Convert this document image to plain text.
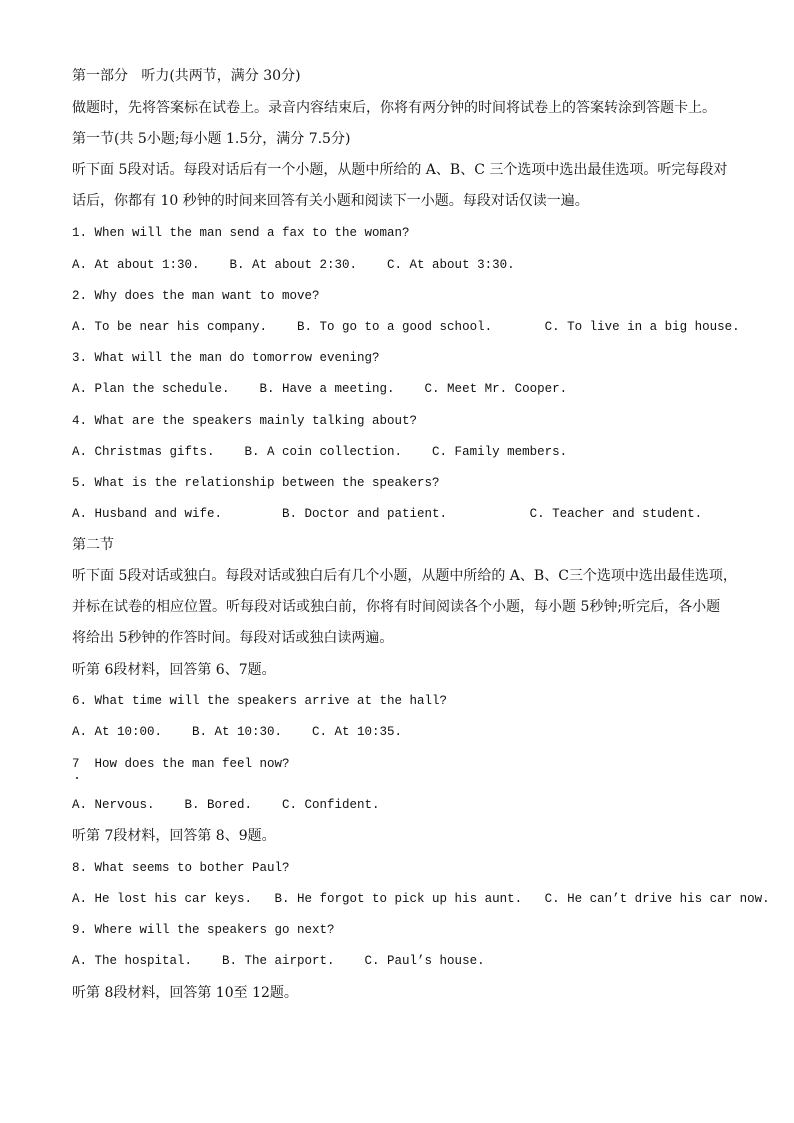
第一部分   听力(共两节，满分 30分)
做题时，先将答案标在试卷上。录音内容结束后，你将有两分钟的时间将试卷上的答案转涂到答题卡上。
第一节(共 5小题;每小题 1.5分，满分 7.5分)
听下面 5段对话。每段对话后有一个小题，从题中所给的 A、B、C 三个选项中选出最佳选项。听完每段对
话后，你都有 10 秒钟的时间来回答有关小题和阅读下一小题。每段对话仅读一遍。
1. When will the man send a fax to the woman?
A. At about 1:30.    B. At about 2:30.    C. At about 3:30.
2. Why does the man want to move?
A. To be near his company.    B. To go to a good school.       C. To live in a big house.
3. What will the man do tomorrow evening?
A. Plan the schedule.    B. Have a meeting.    C. Meet Mr. Cooper.
4. What are the speakers mainly talking about?
A. Christmas gifts.    B. A coin collection.    C. Family members.
5. What is the relationship between the speakers?
A. Husband and wife.        B. Doctor and patient.           C. Teacher and student.
第二节
听下面 5段对话或独白。每段对话或独白后有几个小题，从题中所给的 A、B、C三个选项中选出最佳选项，
并标在试卷的相应位置。听每段对话或独白前，你将有时间阅读各个小题，每小题 5秒钟;听完后，各小题
将给出 5秒钟的作答时间。每段对话或独白读两遍。
听第 6段材料，回答第 6、7题。
6. What time will the speakers arrive at the hall?
A. At 10:00.    B. At 10:30.    C. At 10:35.
7  How does the man feel now?
A. Nervous.    B. Bored.    C. Confident.
听第 7段材料，回答第 8、9题。
8. What seems to bother Paul?
A. He lost his car keys.   B. He forgot to pick up his aunt.   C. He can’t drive his car now.
9. Where will the speakers go next?
A. The hospital.    B. The airport.    C. Paul’s house.
听第 8段材料，回答第 10至 12题。
